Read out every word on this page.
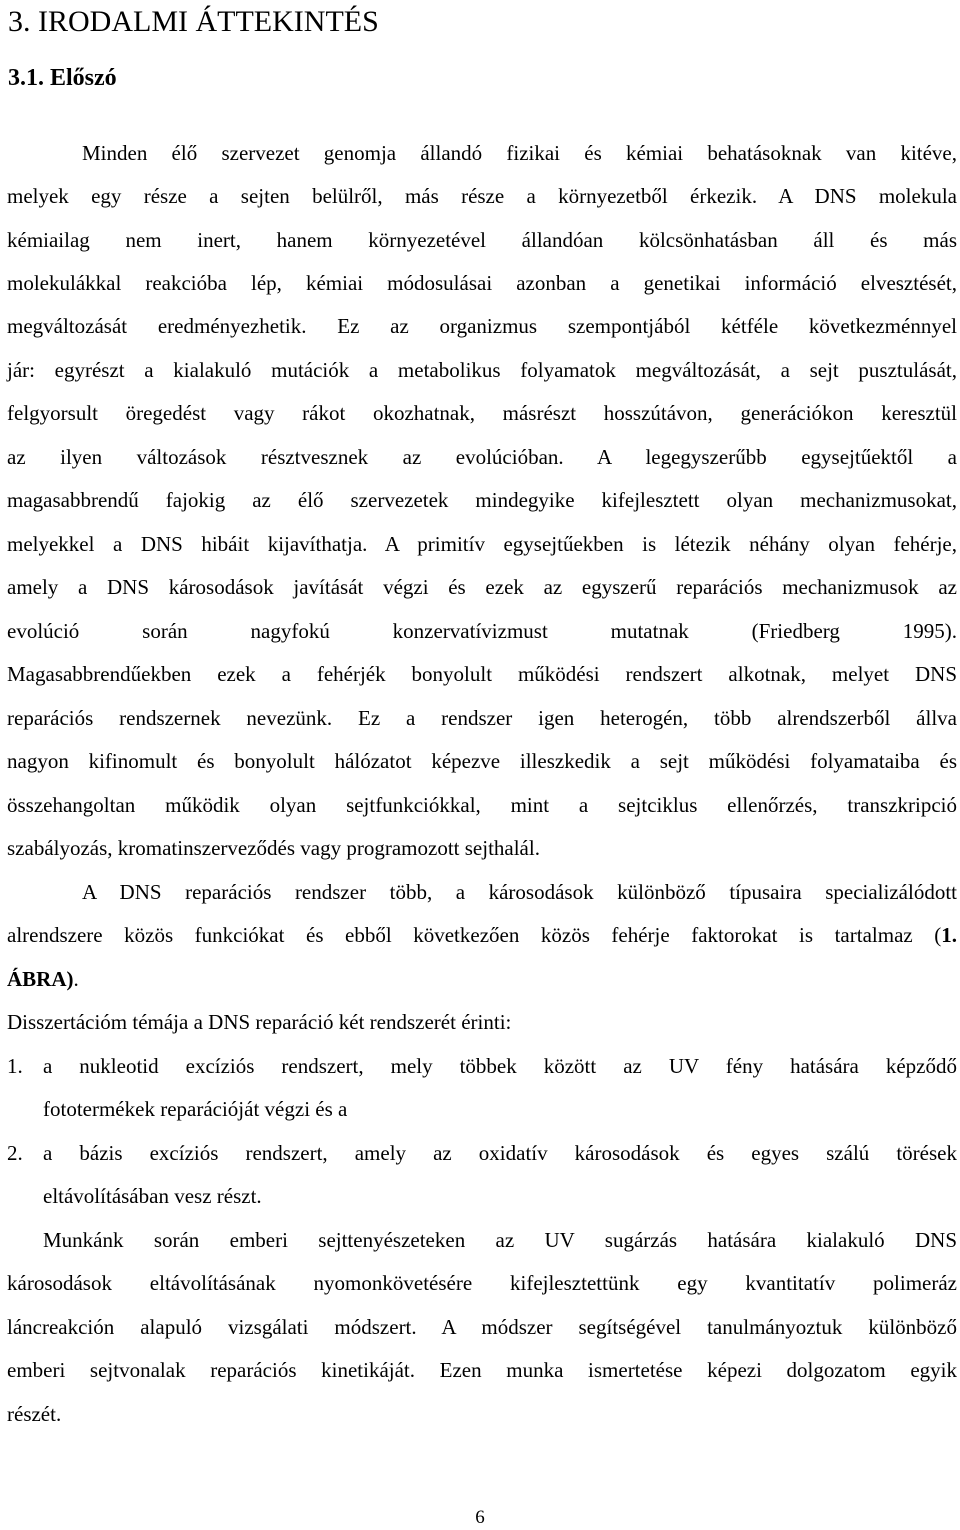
3. IRODALMI ÁTTEKINTÉS
3.1. Előszó
Minden élő szervezet genomja állandó fizikai és kémiai behatásoknak van kitéve,
melyek egy része a sejten belülről, más része a környezetből érkezik. A DNS molekula
kémiailag nem inert, hanem környezetével állandóan kölcsönhatásban áll és más
molekulákkal reakcióba lép, kémiai módosulásai azonban a genetikai információ elvesztését,
megváltozását eredményezhetik. Ez az organizmus szempontjából kétféle következménnyel
jár: egyrészt a kialakuló mutációk a metabolikus folyamatok megváltozását, a sejt pusztulását,
felgyorsult öregedést vagy rákot okozhatnak, másrészt hosszútávon, generációkon keresztül
az ilyen változások résztvesznek az evolúcióban. A legegyszerűbb egysejtűektől a
magasabbrendű fajokig az élő szervezetek mindegyike kifejlesztett olyan mechanizmusokat,
melyekkel a DNS hibáit kijavíthatja. A primitív egysejtűekben is létezik néhány olyan fehérje,
amely a DNS károsodások javítását végzi és ezek az egyszerű reparációs mechanizmusok az
evolúció során nagyfokú konzervatívizmust mutatnak (Friedberg 1995).
Magasabbrendűekben ezek a fehérjék bonyolult működési rendszert alkotnak, melyet DNS
reparációs rendszernek nevezünk. Ez a rendszer igen heterogén, több alrendszerből állva
nagyon kifinomult és bonyolult hálózatot képezve illeszkedik a sejt működési folyamataiba és
összehangoltan működik olyan sejtfunkciókkal, mint a sejtciklus ellenőrzés, transzkripció
szabályozás, kromatinszerveződés vagy programozott sejthalál.
A DNS reparációs rendszer több, a károsodások különböző típusaira specializálódott
alrendszere közös funkciókat és ebből következően közös fehérje faktorokat is tartalmaz (1.
ÁBRA).
Disszertációm témája a DNS reparáció két rendszerét érinti:
1. a nukleotid excíziós rendszert, mely többek között az UV fény hatására képződő
fototermékek reparációját végzi és a
2. a bázis excíziós rendszert, amely az oxidatív károsodások és egyes szálú törések
eltávolításában vesz részt.
Munkánk során emberi sejttenyészeteken az UV sugárzás hatására kialakuló DNS
károsodások eltávolításának nyomonkövetésére kifejlesztettünk egy kvantitatív polimeráz
láncreakción alapuló vizsgálati módszert. A módszer segítségével tanulmányoztuk különböző
emberi sejtvonalak reparációs kinetikáját. Ezen munka ismertetése képezi dolgozatom egyik
részét.
6
